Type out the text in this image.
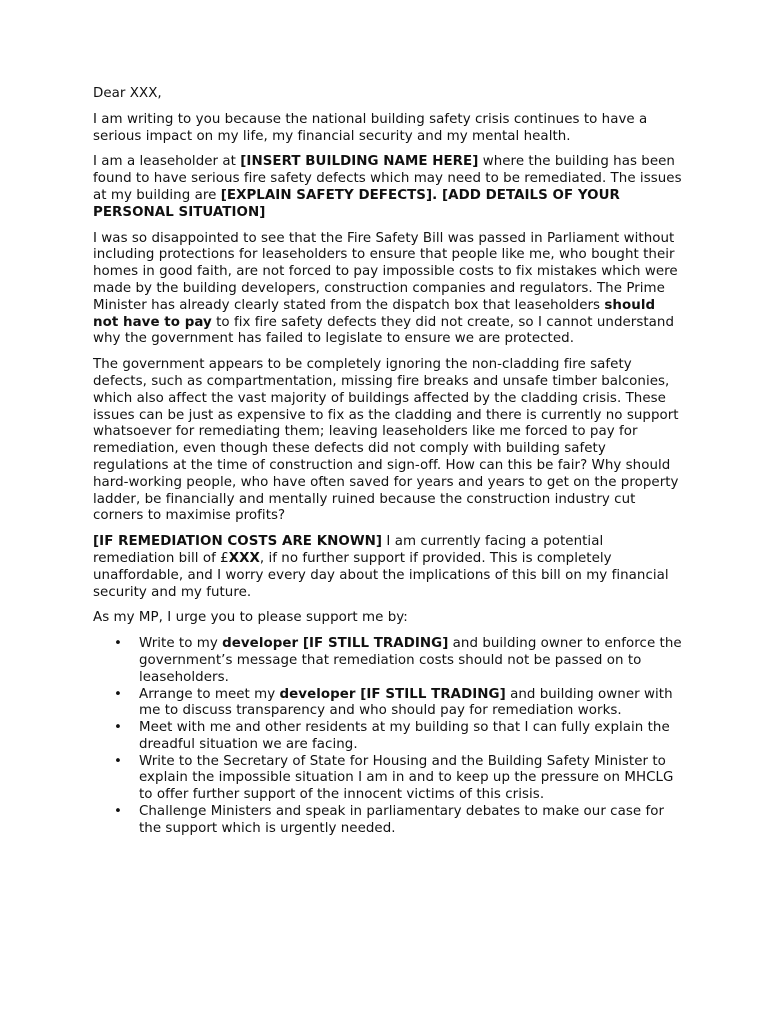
Dear XXX,

I am writing to you because the national building safety crisis continues to have a serious impact on my life, my financial security and my mental health.

I am a leaseholder at [INSERT BUILDING NAME HERE] where the building has been found to have serious fire safety defects which may need to be remediated. The issues at my building are [EXPLAIN SAFETY DEFECTS]. [ADD DETAILS OF YOUR PERSONAL SITUATION]

I was so disappointed to see that the Fire Safety Bill was passed in Parliament without including protections for leaseholders to ensure that people like me, who bought their homes in good faith, are not forced to pay impossible costs to fix mistakes which were made by the building developers, construction companies and regulators. The Prime Minister has already clearly stated from the dispatch box that leaseholders should not have to pay to fix fire safety defects they did not create, so I cannot understand why the government has failed to legislate to ensure we are protected.

The government appears to be completely ignoring the non-cladding fire safety defects, such as compartmentation, missing fire breaks and unsafe timber balconies, which also affect the vast majority of buildings affected by the cladding crisis. These issues can be just as expensive to fix as the cladding and there is currently no support whatsoever for remediating them; leaving leaseholders like me forced to pay for remediation, even though these defects did not comply with building safety regulations at the time of construction and sign-off. How can this be fair? Why should hard-working people, who have often saved for years and years to get on the property ladder, be financially and mentally ruined because the construction industry cut corners to maximise profits?

[IF REMEDIATION COSTS ARE KNOWN] I am currently facing a potential remediation bill of £XXX, if no further support if provided. This is completely unaffordable, and I worry every day about the implications of this bill on my financial security and my future.

As my MP, I urge you to please support me by:

• Write to my developer [IF STILL TRADING] and building owner to enforce the government’s message that remediation costs should not be passed on to leaseholders.
• Arrange to meet my developer [IF STILL TRADING] and building owner with me to discuss transparency and who should pay for remediation works.
• Meet with me and other residents at my building so that I can fully explain the dreadful situation we are facing.
• Write to the Secretary of State for Housing and the Building Safety Minister to explain the impossible situation I am in and to keep up the pressure on MHCLG to offer further support of the innocent victims of this crisis.
• Challenge Ministers and speak in parliamentary debates to make our case for the support which is urgently needed.
